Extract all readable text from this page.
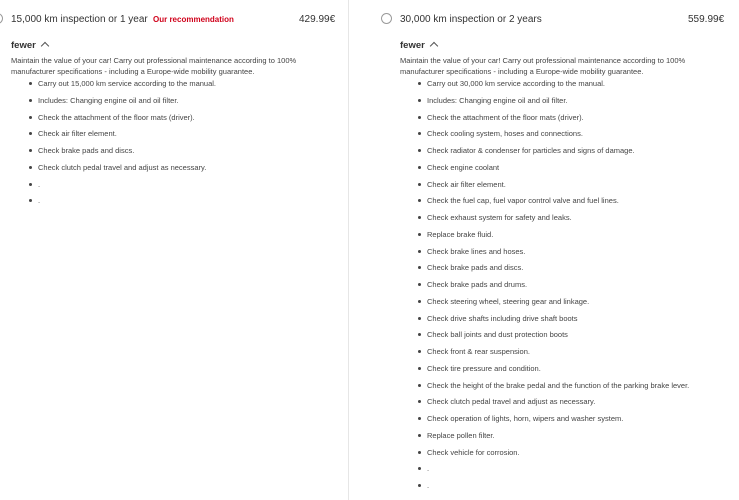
15,000 km inspection or 1 year Our recommendation	429.99€
fewer
Maintain the value of your car! Carry out professional maintenance according to 100% manufacturer specifications - including a Europe-wide mobility guarantee.
Carry out 15,000 km service according to the manual.
Includes: Changing engine oil and oil filter.
Check the attachment of the floor mats (driver).
Check air filter element.
Check brake pads and discs.
Check clutch pedal travel and adjust as necessary.
.
.
30,000 km inspection or 2 years	559.99€
fewer
Maintain the value of your car! Carry out professional maintenance according to 100% manufacturer specifications - including a Europe-wide mobility guarantee.
Carry out 30,000 km service according to the manual.
Includes: Changing engine oil and oil filter.
Check the attachment of the floor mats (driver).
Check cooling system, hoses and connections.
Check radiator & condenser for particles and signs of damage.
Check engine coolant
Check air filter element.
Check the fuel cap, fuel vapor control valve and fuel lines.
Check exhaust system for safety and leaks.
Replace brake fluid.
Check brake lines and hoses.
Check brake pads and discs.
Check brake pads and drums.
Check steering wheel, steering gear and linkage.
Check drive shafts including drive shaft boots
Check ball joints and dust protection boots
Check front & rear suspension.
Check tire pressure and condition.
Check the height of the brake pedal and the function of the parking brake lever.
Check clutch pedal travel and adjust as necessary.
Check operation of lights, horn, wipers and washer system.
Replace pollen filter.
Check vehicle for corrosion.
.
.
